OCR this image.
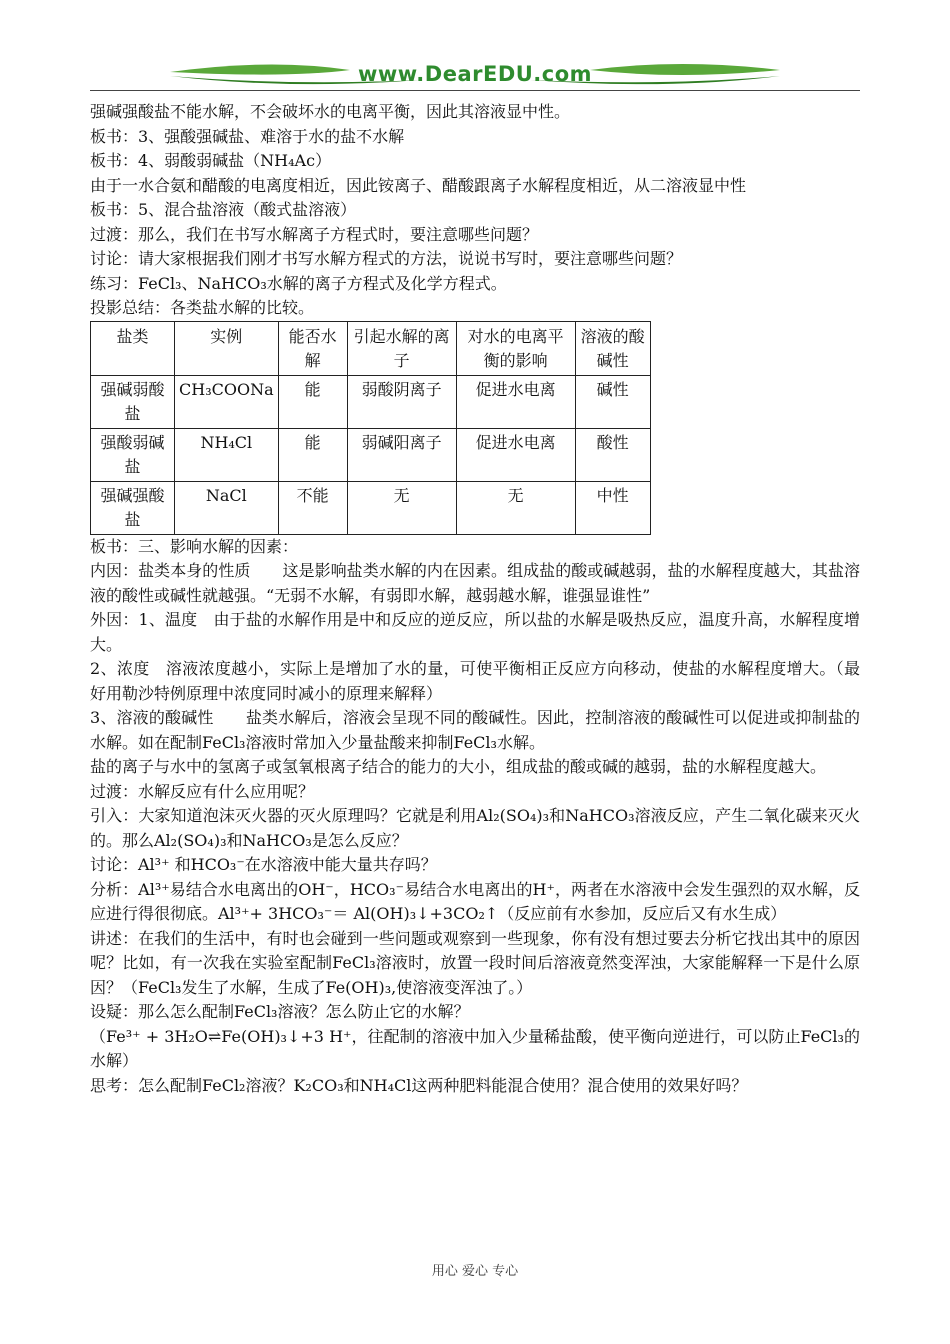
www.DearEDU.com

强碱强酸盐不能水解，不会破坏水的电离平衡，因此其溶液显中性。

板书：3、强酸强碱盐、难溶于水的盐不水解

板书：4、弱酸弱碱盐（NH₄Ac）

由于一水合氨和醋酸的电离度相近，因此铵离子、醋酸跟离子水解程度相近，从二溶液显中性

板书：5、混合盐溶液（酸式盐溶液）

过渡：那么，我们在书写水解离子方程式时，要注意哪些问题？

讨论：请大家根据我们刚才书写水解方程式的方法，说说书写时，要注意哪些问题？

练习：FeCl₃、NaHCO₃水解的离子方程式及化学方程式。

投影总结：各类盐水解的比较。

盐类	实例	能否水解	引起水解的离子	对水的电离平衡的影响	溶液的酸碱性
强碱弱酸盐	CH₃COONa	能	弱酸阴离子	促进水电离	碱性
强酸弱碱盐	NH₄Cl	能	弱碱阳离子	促进水电离	酸性
强碱强酸盐	NaCl	不能	无	无	中性

板书：三、影响水解的因素：

内因：盐类本身的性质　　这是影响盐类水解的内在因素。组成盐的酸或碱越弱，盐的水解程度越大，其盐溶液的酸性或碱性就越强。“无弱不水解，有弱即水解，越弱越水解，谁强显谁性”

外因：1、温度　由于盐的水解作用是中和反应的逆反应，所以盐的水解是吸热反应，温度升高，水解程度增大。

2、浓度　溶液浓度越小，实际上是增加了水的量，可使平衡相正反应方向移动，使盐的水解程度增大。（最好用勒沙特例原理中浓度同时减小的原理来解释）

3、溶液的酸碱性　　盐类水解后，溶液会呈现不同的酸碱性。因此，控制溶液的酸碱性可以促进或抑制盐的水解。如在配制FeCl₃溶液时常加入少量盐酸来抑制FeCl₃水解。

盐的离子与水中的氢离子或氢氧根离子结合的能力的大小，组成盐的酸或碱的越弱，盐的水解程度越大。

过渡：水解反应有什么应用呢？

引入：大家知道泡沫灭火器的灭火原理吗？它就是利用Al₂(SO₄)₃和NaHCO₃溶液反应，产生二氧化碳来灭火的。那么Al₂(SO₄)₃和NaHCO₃是怎么反应？

讨论：Al³⁺ 和HCO₃⁻在水溶液中能大量共存吗？

分析：Al³⁺易结合水电离出的OH⁻，HCO₃⁻易结合水电离出的H⁺，两者在水溶液中会发生强烈的双水解，反应进行得很彻底。Al³⁺+ 3HCO₃⁻＝ Al(OH)₃↓+3CO₂↑（反应前有水参加，反应后又有水生成）

讲述：在我们的生活中，有时也会碰到一些问题或观察到一些现象，你有没有想过要去分析它找出其中的原因呢？比如，有一次我在实验室配制FeCl₃溶液时，放置一段时间后溶液竟然变浑浊，大家能解释一下是什么原因？（FeCl₃发生了水解，生成了Fe(OH)₃,使溶液变浑浊了。）

设疑：那么怎么配制FeCl₃溶液？怎么防止它的水解？

（Fe³⁺ + 3H₂O⇌Fe(OH)₃↓+3 H⁺，往配制的溶液中加入少量稀盐酸，使平衡向逆进行，可以防止FeCl₃的水解）

思考：怎么配制FeCl₂溶液？K₂CO₃和NH₄Cl这两种肥料能混合使用？混合使用的效果好吗？

用心 爱心 专心
